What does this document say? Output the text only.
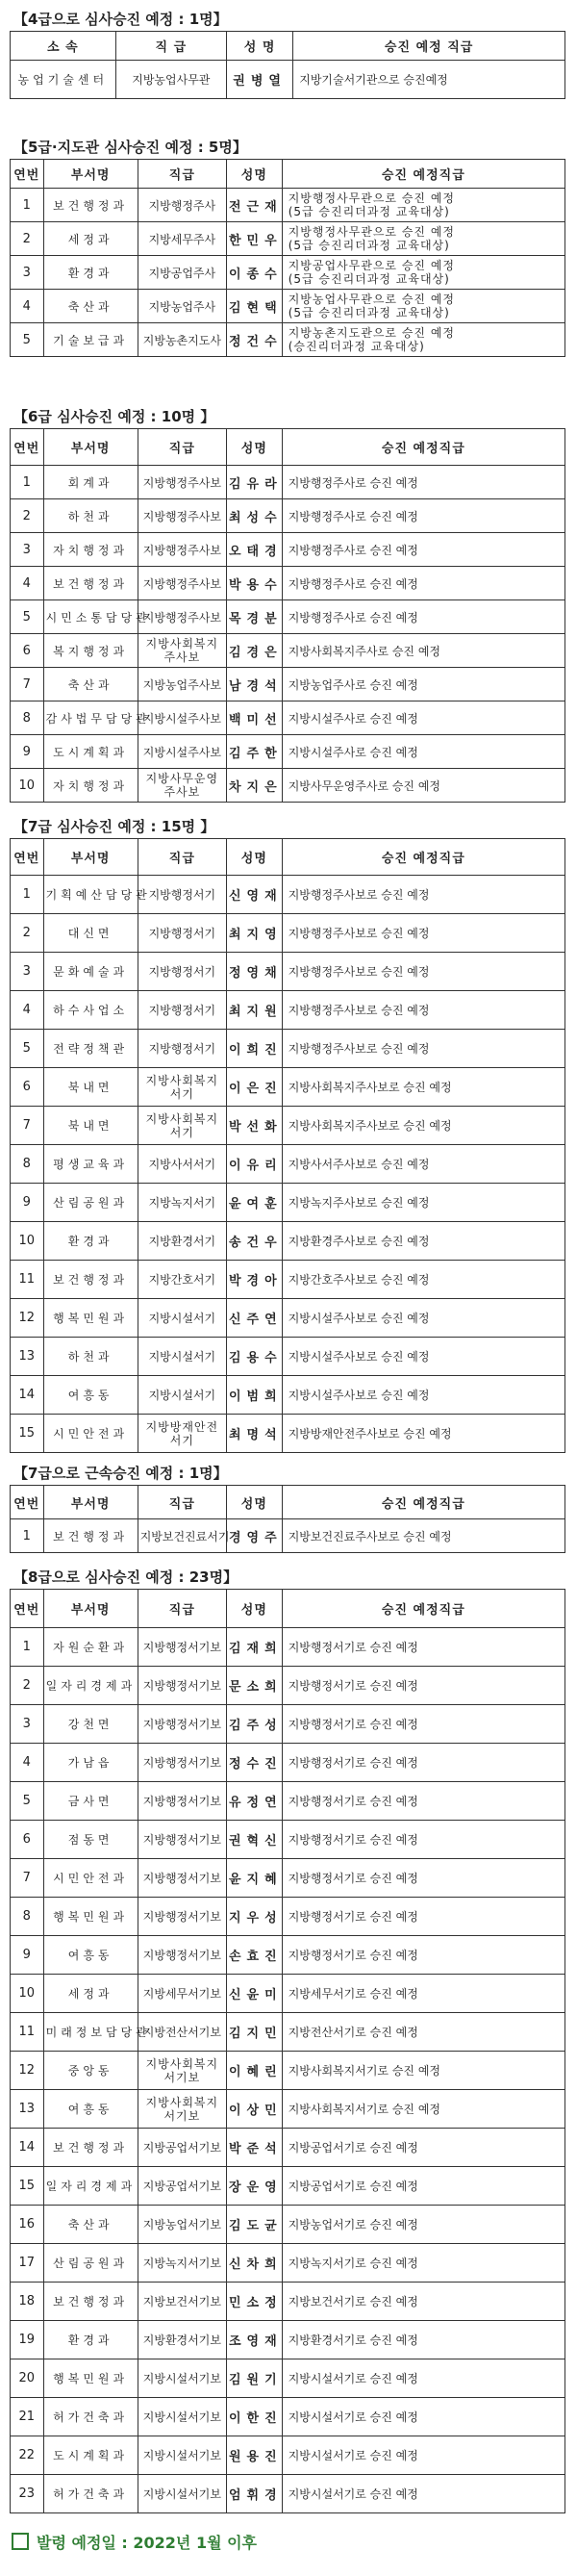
【4급으로 심사승진 예정 : 1명】
소 속	직 급	성 명	승진 예정 직급
농업기술센터	지방농업사무관	권병열	지방기술서기관으로 승진예정
【5급·지도관 심사승진 예정 : 5명】
연번	부서명	직급	성명	승진 예정직급
1	보건행정과	지방행정주사	전근재	지방행정사무관으로 승진 예정
(5급 승진리더과정 교육대상)
2	세정과	지방세무주사	한민우	지방행정사무관으로 승진 예정
(5급 승진리더과정 교육대상)
3	환경과	지방공업주사	이종수	지방공업사무관으로 승진 예정
(5급 승진리더과정 교육대상)
4	축산과	지방농업주사	김현택	지방농업사무관으로 승진 예정
(5급 승진리더과정 교육대상)
5	기술보급과	지방농촌지도사	정건수	지방농촌지도관으로 승진 예정
(승진리더과정 교육대상)
【6급 심사승진 예정 : 10명 】
연번	부서명	직급	성명	승진 예정직급
1	회계과	지방행정주사보	김유라	지방행정주사로 승진 예정
2	하천과	지방행정주사보	최성수	지방행정주사로 승진 예정
3	자치행정과	지방행정주사보	오태경	지방행정주사로 승진 예정
4	보건행정과	지방행정주사보	박용수	지방행정주사로 승진 예정
5	시민소통담당관	지방행정주사보	목경분	지방행정주사로 승진 예정
6	복지행정과	지방사회복지
주사보	김경은	지방사회복지주사로 승진 예정
7	축산과	지방농업주사보	남경석	지방농업주사로 승진 예정
8	감사법무담당관	지방시설주사보	백미선	지방시설주사로 승진 예정
9	도시계획과	지방시설주사보	김주한	지방시설주사로 승진 예정
10	자치행정과	지방사무운영
주사보	차지은	지방사무운영주사로 승진 예정
【7급 심사승진 예정 : 15명 】
연번	부서명	직급	성명	승진 예정직급
1	기획예산담당관	지방행정서기	신영재	지방행정주사보로 승진 예정
2	대신면	지방행정서기	최지영	지방행정주사보로 승진 예정
3	문화예술과	지방행정서기	정영채	지방행정주사보로 승진 예정
4	하수사업소	지방행정서기	최지원	지방행정주사보로 승진 예정
5	전략정책관	지방행정서기	이희진	지방행정주사보로 승진 예정
6	북내면	지방사회복지
서기	이은진	지방사회복지주사보로 승진 예정
7	북내면	지방사회복지
서기	박선화	지방사회복지주사보로 승진 예정
8	평생교육과	지방사서서기	이유리	지방사서주사보로 승진 예정
9	산림공원과	지방녹지서기	윤여훈	지방녹지주사보로 승진 예정
10	환경과	지방환경서기	송건우	지방환경주사보로 승진 예정
11	보건행정과	지방간호서기	박경아	지방간호주사보로 승진 예정
12	행복민원과	지방시설서기	신주연	지방시설주사보로 승진 예정
13	하천과	지방시설서기	김용수	지방시설주사보로 승진 예정
14	여흥동	지방시설서기	이범희	지방시설주사보로 승진 예정
15	시민안전과	지방방재안전
서기	최명석	지방방재안전주사보로 승진 예정
【7급으로 근속승진 예정 : 1명】
연번	부서명	직급	성명	승진 예정직급
1	보건행정과	지방보건진료서기	경영주	지방보건진료주사보로 승진 예정
【8급으로 심사승진 예정 : 23명】
연번	부서명	직급	성명	승진 예정직급
1	자원순환과	지방행정서기보	김재희	지방행정서기로 승진 예정
2	일자리경제과	지방행정서기보	문소희	지방행정서기로 승진 예정
3	강천면	지방행정서기보	김주성	지방행정서기로 승진 예정
4	가남읍	지방행정서기보	정수진	지방행정서기로 승진 예정
5	금사면	지방행정서기보	유정연	지방행정서기로 승진 예정
6	점동면	지방행정서기보	권혁신	지방행정서기로 승진 예정
7	시민안전과	지방행정서기보	윤지혜	지방행정서기로 승진 예정
8	행복민원과	지방행정서기보	지우성	지방행정서기로 승진 예정
9	여흥동	지방행정서기보	손효진	지방행정서기로 승진 예정
10	세정과	지방세무서기보	신윤미	지방세무서기로 승진 예정
11	미래정보담당관	지방전산서기보	김지민	지방전산서기로 승진 예정
12	중앙동	지방사회복지
서기보	이혜린	지방사회복지서기로 승진 예정
13	여흥동	지방사회복지
서기보	이상민	지방사회복지서기로 승진 예정
14	보건행정과	지방공업서기보	박준석	지방공업서기로 승진 예정
15	일자리경제과	지방공업서기보	장운영	지방공업서기로 승진 예정
16	축산과	지방농업서기보	김도균	지방농업서기로 승진 예정
17	산림공원과	지방녹지서기보	신차희	지방녹지서기로 승진 예정
18	보건행정과	지방보건서기보	민소정	지방보건서기로 승진 예정
19	환경과	지방환경서기보	조영재	지방환경서기로 승진 예정
20	행복민원과	지방시설서기보	김원기	지방시설서기로 승진 예정
21	허가건축과	지방시설서기보	이한진	지방시설서기로 승진 예정
22	도시계획과	지방시설서기보	원용진	지방시설서기로 승진 예정
23	허가건축과	지방시설서기보	엄휘경	지방시설서기로 승진 예정
발령 예정일 : 2022년 1월 이후
